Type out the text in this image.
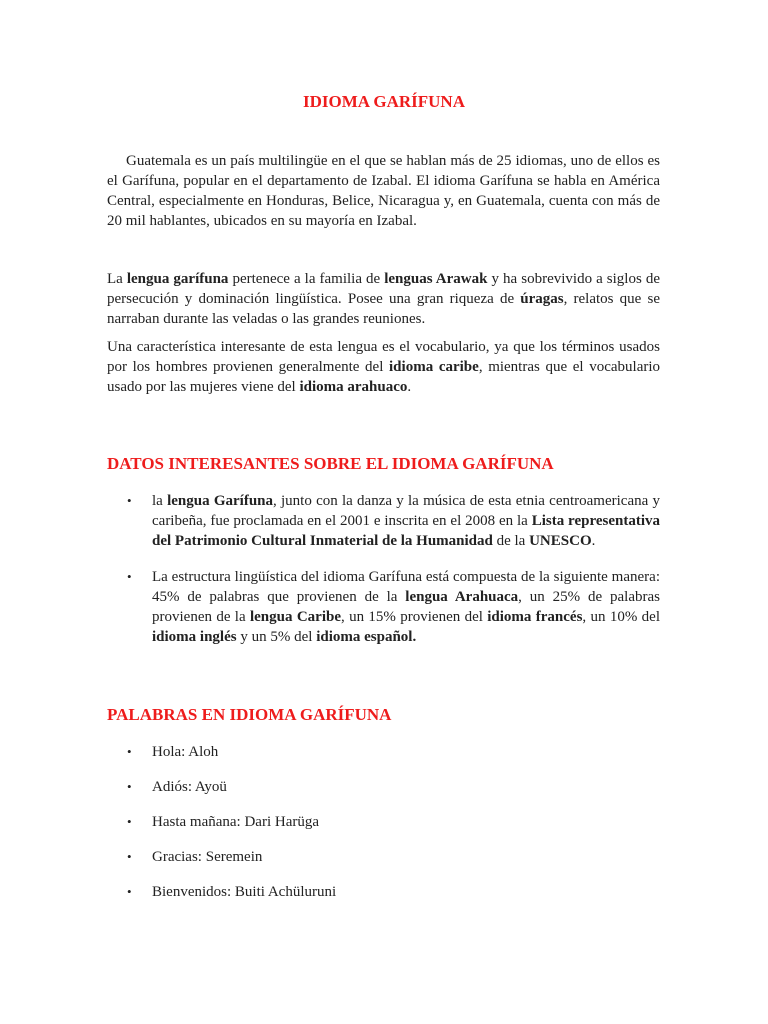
IDIOMA GARÍFUNA

Guatemala es un país multilingüe en el que se hablan más de 25 idiomas, uno de ellos es el Garífuna, popular en el departamento de Izabal. El idioma Garífuna se habla en América Central, especialmente en Honduras, Belice, Nicaragua y, en Guatemala, cuenta con más de 20 mil hablantes, ubicados en su mayoría en Izabal.

La lengua garífuna pertenece a la familia de lenguas Arawak y ha sobrevivido a siglos de persecución y dominación lingüística. Posee una gran riqueza de úragas, relatos que se narraban durante las veladas o las grandes reuniones.

Una característica interesante de esta lengua es el vocabulario, ya que los términos usados por los hombres provienen generalmente del idioma caribe, mientras que el vocabulario usado por las mujeres viene del idioma arahuaco.

DATOS INTERESANTES SOBRE EL IDIOMA GARÍFUNA
• la lengua Garífuna, junto con la danza y la música de esta etnia centroamericana y caribeña, fue proclamada en el 2001 e inscrita en el 2008 en la Lista representativa del Patrimonio Cultural Inmaterial de la Humanidad de la UNESCO.
• La estructura lingüística del idioma Garífuna está compuesta de la siguiente manera: 45% de palabras que provienen de la lengua Arahuaca, un 25% de palabras provienen de la lengua Caribe, un 15% provienen del idioma francés, un 10% del idioma inglés y un 5% del idioma español.
PALABRAS EN IDIOMA GARÍFUNA
• Hola: Aloh
• Adiós: Ayoü
• Hasta mañana: Dari Harüga
• Gracias: Seremein
• Bienvenidos: Buiti Achüluruni
